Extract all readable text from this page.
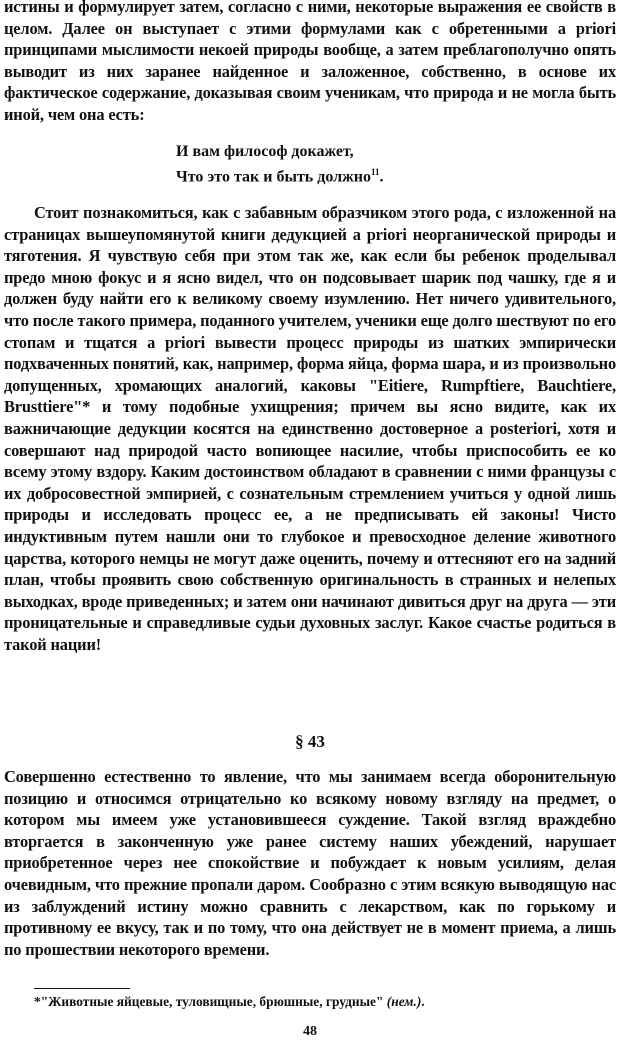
истины и формулирует затем, согласно с ними, некоторые выражения ее свойств в целом. Далее он выступает с этими формулами как с обретенными a priori принципами мыслимости некоей природы вообще, а затем преблагополучно опять выводит из них заранее найденное и заложенное, собственно, в основе их фактическое содержание, доказывая своим ученикам, что природа и не могла быть иной, чем она есть:

И вам философ докажет,
Что это так и быть должно$^{11}$.

Стоит познакомиться, как с забавным образчиком этого рода, с изложенной на страницах вышеупомянутой книги дедукцией a priori неорганической природы и тяготения. Я чувствую себя при этом так же, как если бы ребенок проделывал предо мною фокус и я ясно видел, что он подсовывает шарик под чашку, где я и должен буду найти его к великому своему изумлению. Нет ничего удивительного, что после такого примера, поданного учителем, ученики еще долго шествуют по его стопам и тщатся a priori вывести процесс природы из шатких эмпирически подхваченных понятий, как, например, форма яйца, форма шара, и из произвольно допущенных, хромающих аналогий, каковы "Eitiere, Rumpftiere, Bauchtiere, Brusttiere"* и тому подобные ухищрения; причем вы ясно видите, как их важничающие дедукции косятся на единственно достоверное a posteriori, хотя и совершают над природой часто вопиющее насилие, чтобы приспособить ее ко всему этому вздору. Каким достоинством обладают в сравнении с ними французы с их добросовестной эмпирией, с сознательным стремлением учиться у одной лишь природы и исследовать процесс ее, а не предписывать ей законы! Чисто индуктивным путем нашли они то глубокое и превосходное деление животного царства, которого немцы не могут даже оценить, почему и оттесняют его на задний план, чтобы проявить свою собственную оригинальность в странных и нелепых выходках, вроде приведенных; и затем они начинают дивиться друг на друга — эти проницательные и справедливые судьи духовных заслуг. Какое счастье родиться в такой нации!

§ 43

Совершенно естественно то явление, что мы занимаем всегда оборонительную позицию и относимся отрицательно ко всякому новому взгляду на предмет, о котором мы имеем уже установившееся суждение. Такой взгляд враждебно вторгается в законченную уже ранее систему наших убеждений, нарушает приобретенное через нее спокойствие и побуждает к новым усилиям, делая очевидным, что прежние пропали даром. Сообразно с этим всякую выводящую нас из заблуждений истину можно сравнить с лекарством, как по горькому и противному ее вкусу, так и по тому, что она действует не в момент приема, а лишь по прошествии некоторого времени.

*"Животные яйцевые, туловищные, брюшные, грудные" (нем.).
48
